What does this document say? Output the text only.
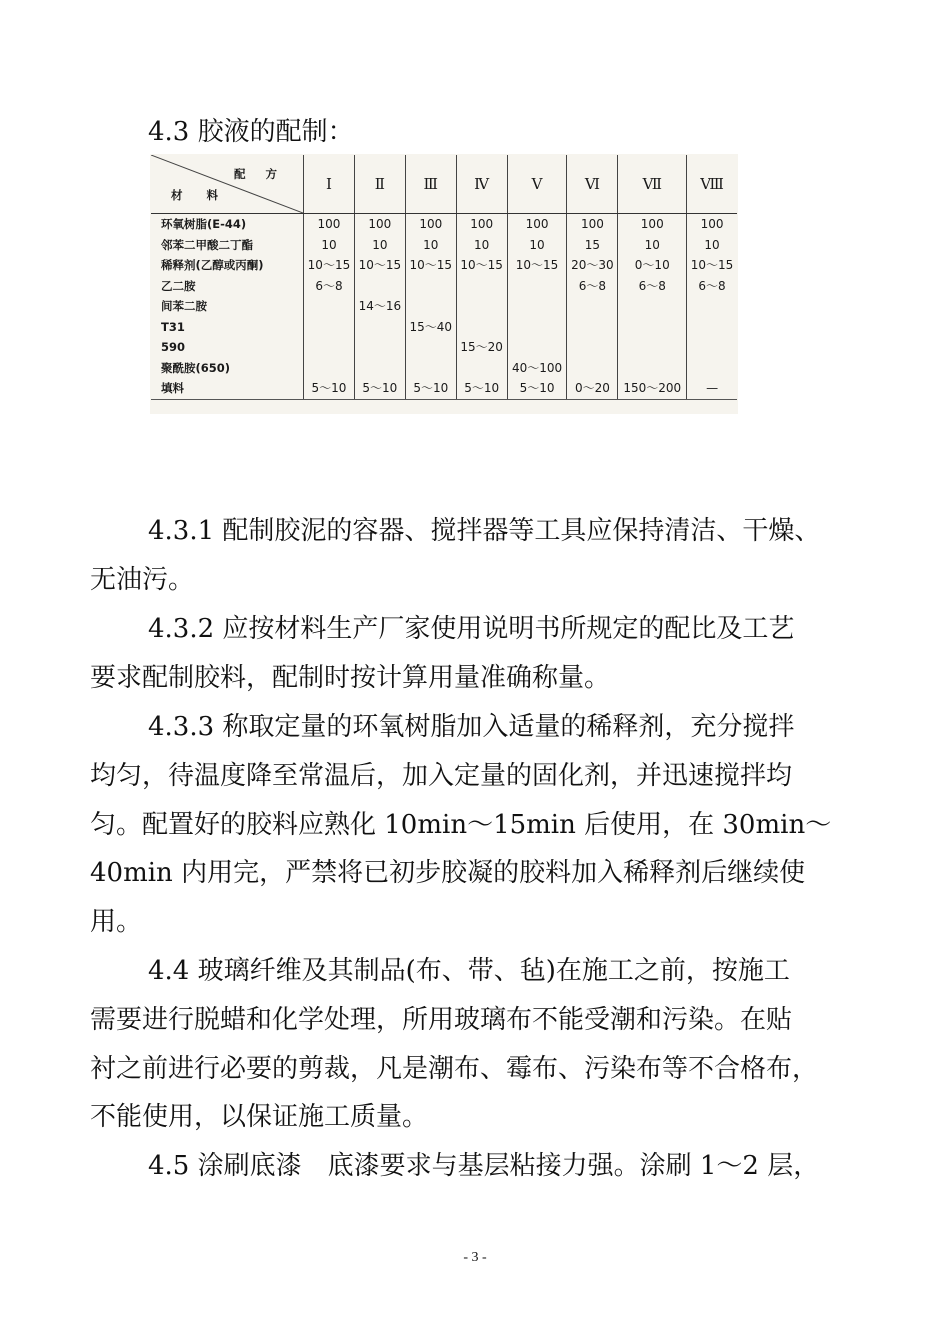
4.3 胶液的配制：
配 方
材 料	Ⅰ	Ⅱ	Ⅲ	Ⅳ	Ⅴ	Ⅵ	Ⅶ	Ⅷ
环氧树脂(E-44)	100	100	100	100	100	100	100	100
邻苯二甲酸二丁酯	10	10	10	10	10	15	10	10
稀释剂(乙醇或丙酮)	10～15	10～15	10～15	10～15	10～15	20～30	0～10	10～15
乙二胺	6～8					6～8	6～8	6～8
间苯二胺		14～16						
T31			15～40					
590				15～20				
聚酰胺(650)					40～100			
填料	5～10	5～10	5～10	5～10	5～10	0～20	150～200	—
4.3.1 配制胶泥的容器、搅拌器等工具应保持清洁、干燥、
无油污。
4.3.2 应按材料生产厂家使用说明书所规定的配比及工艺
要求配制胶料，配制时按计算用量准确称量。
4.3.3 称取定量的环氧树脂加入适量的稀释剂，充分搅拌
均匀，待温度降至常温后，加入定量的固化剂，并迅速搅拌均
匀。配置好的胶料应熟化 10min～15min 后使用，在 30min～
40min 内用完，严禁将已初步胶凝的胶料加入稀释剂后继续使
用。
4.4 玻璃纤维及其制品(布、带、毡)在施工之前，按施工
需要进行脱蜡和化学处理，所用玻璃布不能受潮和污染。在贴
衬之前进行必要的剪裁，凡是潮布、霉布、污染布等不合格布，
不能使用，以保证施工质量。
4.5 涂刷底漆　底漆要求与基层粘接力强。涂刷 1～2 层，
- 3 -
